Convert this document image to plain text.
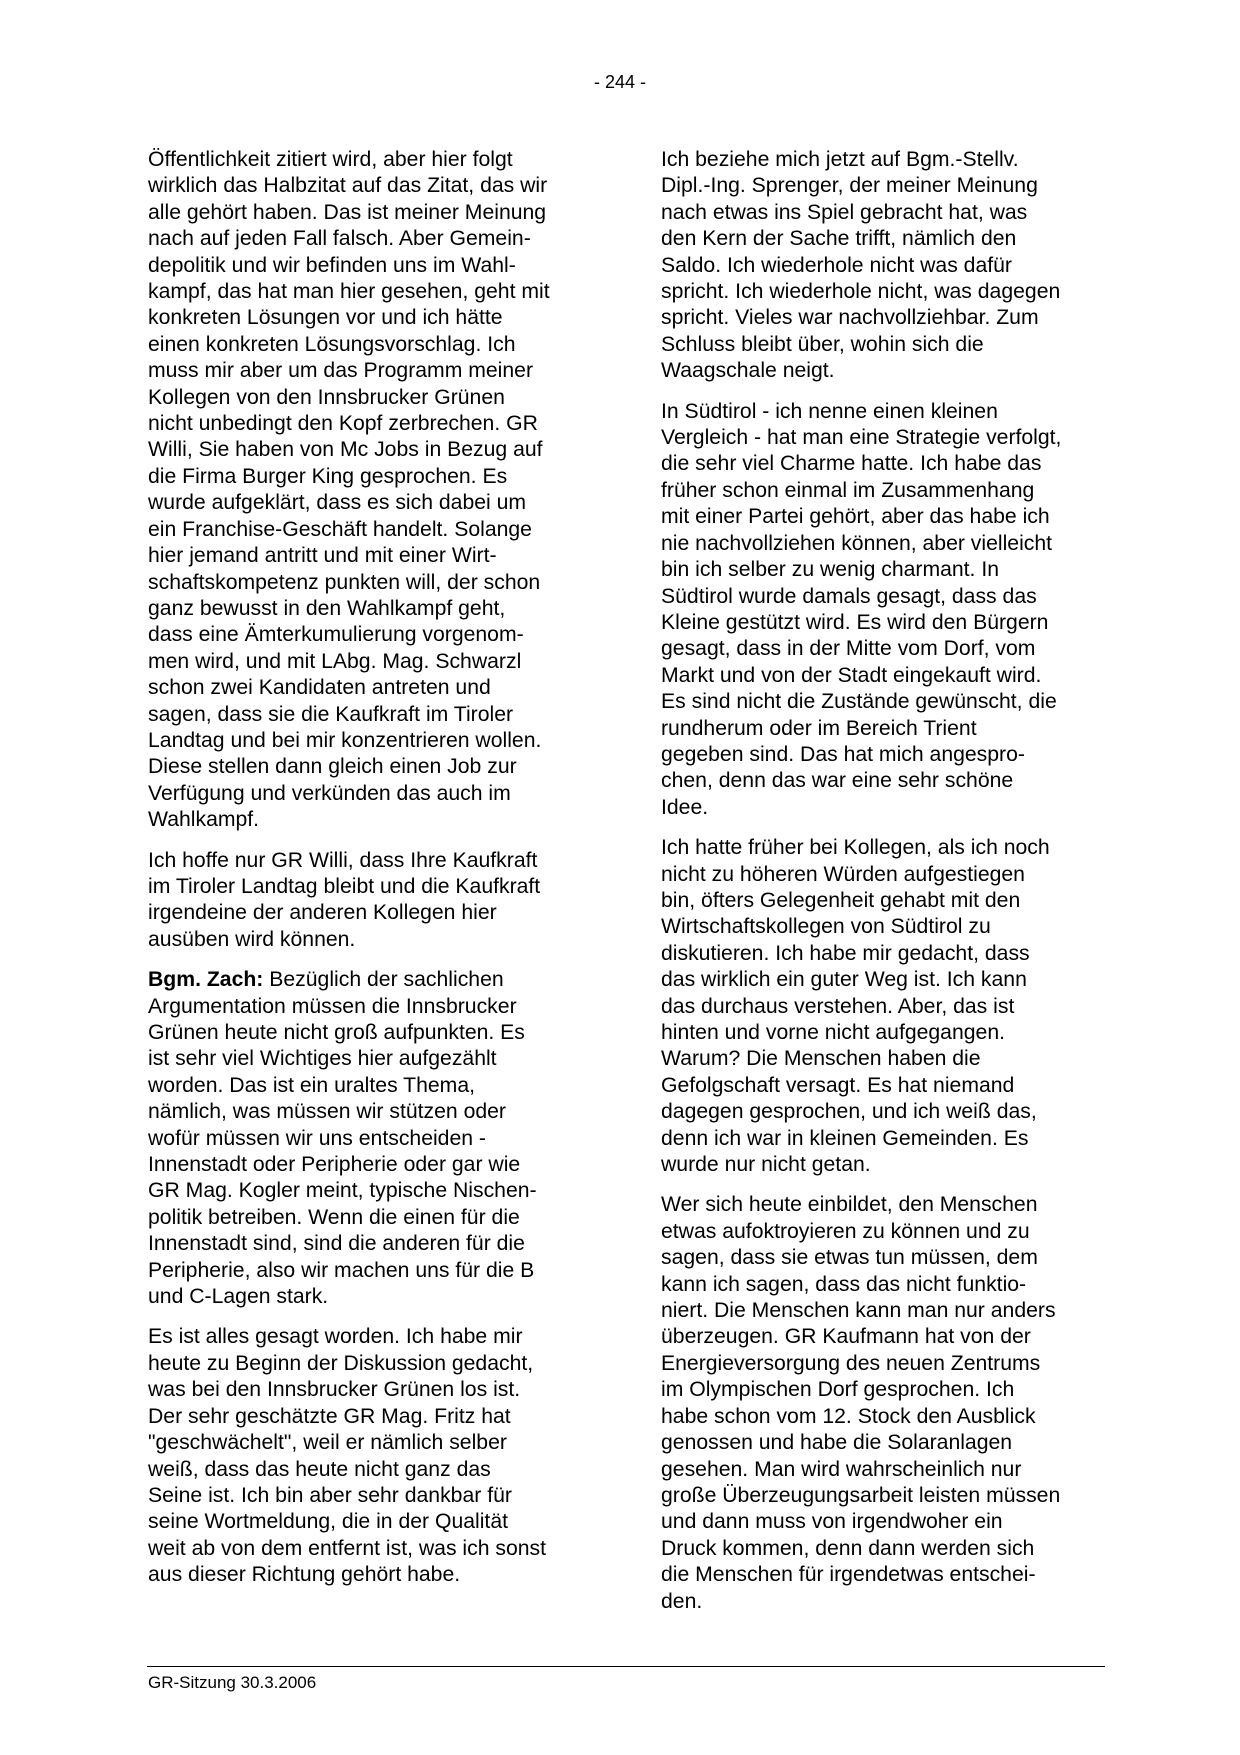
- 244 -

Öffentlichkeit zitiert wird, aber hier folgt
wirklich das Halbzitat auf das Zitat, das wir
alle gehört haben. Das ist meiner Meinung
nach auf jeden Fall falsch. Aber Gemein-
depolitik und wir befinden uns im Wahl-
kampf, das hat man hier gesehen, geht mit
konkreten Lösungen vor und ich hätte
einen konkreten Lösungsvorschlag. Ich
muss mir aber um das Programm meiner
Kollegen von den Innsbrucker Grünen
nicht unbedingt den Kopf zerbrechen. GR
Willi, Sie haben von Mc Jobs in Bezug auf
die Firma Burger King gesprochen. Es
wurde aufgeklärt, dass es sich dabei um
ein Franchise-Geschäft handelt. Solange
hier jemand antritt und mit einer Wirt-
schaftskompetenz punkten will, der schon
ganz bewusst in den Wahlkampf geht,
dass eine Ämterkumulierung vorgenom-
men wird, und mit LAbg. Mag. Schwarzl
schon zwei Kandidaten antreten und
sagen, dass sie die Kaufkraft im Tiroler
Landtag und bei mir konzentrieren wollen.
Diese stellen dann gleich einen Job zur
Verfügung und verkünden das auch im
Wahlkampf.

Ich hoffe nur GR Willi, dass Ihre Kaufkraft
im Tiroler Landtag bleibt und die Kaufkraft
irgendeine der anderen Kollegen hier
ausüben wird können.

Bgm. Zach: Bezüglich der sachlichen
Argumentation müssen die Innsbrucker
Grünen heute nicht groß aufpunkten. Es
ist sehr viel Wichtiges hier aufgezählt
worden. Das ist ein uraltes Thema,
nämlich, was müssen wir stützen oder
wofür müssen wir uns entscheiden -
Innenstadt oder Peripherie oder gar wie
GR Mag. Kogler meint, typische Nischen-
politik betreiben. Wenn die einen für die
Innenstadt sind, sind die anderen für die
Peripherie, also wir machen uns für die B
und C-Lagen stark.

Es ist alles gesagt worden. Ich habe mir
heute zu Beginn der Diskussion gedacht,
was bei den Innsbrucker Grünen los ist.
Der sehr geschätzte GR Mag. Fritz hat
"geschwächelt", weil er nämlich selber
weiß, dass das heute nicht ganz das
Seine ist. Ich bin aber sehr dankbar für
seine Wortmeldung, die in der Qualität
weit ab von dem entfernt ist, was ich sonst
aus dieser Richtung gehört habe.

Ich beziehe mich jetzt auf Bgm.-Stellv.
Dipl.-Ing. Sprenger, der meiner Meinung
nach etwas ins Spiel gebracht hat, was
den Kern der Sache trifft, nämlich den
Saldo. Ich wiederhole nicht was dafür
spricht. Ich wiederhole nicht, was dagegen
spricht. Vieles war nachvollziehbar. Zum
Schluss bleibt über, wohin sich die
Waagschale neigt.

In Südtirol - ich nenne einen kleinen
Vergleich - hat man eine Strategie verfolgt,
die sehr viel Charme hatte. Ich habe das
früher schon einmal im Zusammenhang
mit einer Partei gehört, aber das habe ich
nie nachvollziehen können, aber vielleicht
bin ich selber zu wenig charmant. In
Südtirol wurde damals gesagt, dass das
Kleine gestützt wird. Es wird den Bürgern
gesagt, dass in der Mitte vom Dorf, vom
Markt und von der Stadt eingekauft wird.
Es sind nicht die Zustände gewünscht, die
rundherum oder im Bereich Trient
gegeben sind. Das hat mich angespro-
chen, denn das war eine sehr schöne
Idee.

Ich hatte früher bei Kollegen, als ich noch
nicht zu höheren Würden aufgestiegen
bin, öfters Gelegenheit gehabt mit den
Wirtschaftskollegen von Südtirol zu
diskutieren. Ich habe mir gedacht, dass
das wirklich ein guter Weg ist. Ich kann
das durchaus verstehen. Aber, das ist
hinten und vorne nicht aufgegangen.
Warum? Die Menschen haben die
Gefolgschaft versagt. Es hat niemand
dagegen gesprochen, und ich weiß das,
denn ich war in kleinen Gemeinden. Es
wurde nur nicht getan.

Wer sich heute einbildet, den Menschen
etwas aufoktroyieren zu können und zu
sagen, dass sie etwas tun müssen, dem
kann ich sagen, dass das nicht funktio-
niert. Die Menschen kann man nur anders
überzeugen. GR Kaufmann hat von der
Energieversorgung des neuen Zentrums
im Olympischen Dorf gesprochen. Ich
habe schon vom 12. Stock den Ausblick
genossen und habe die Solaranlagen
gesehen. Man wird wahrscheinlich nur
große Überzeugungsarbeit leisten müssen
und dann muss von irgendwoher ein
Druck kommen, denn dann werden sich
die Menschen für irgendetwas entschei-
den.

GR-Sitzung 30.3.2006
